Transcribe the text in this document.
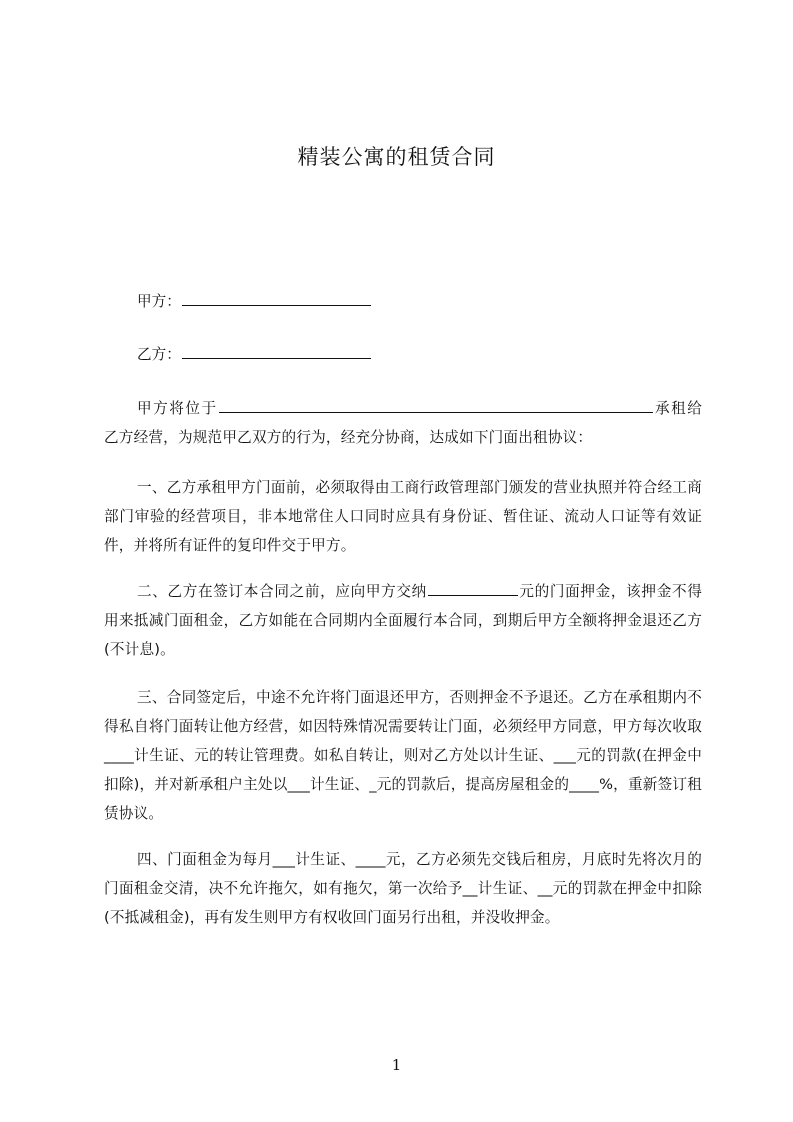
精装公寓的租赁合同

甲方：

乙方：

甲方将位于	承租给乙方经营，为规范甲乙双方的行为，经充分协商，达成如下门面出租协议：

一、乙方承租甲方门面前，必须取得由工商行政管理部门颁发的营业执照并符合经工商部门审验的经营项目，非本地常住人口同时应具有身份证、暂住证、流动人口证等有效证件，并将所有证件的复印件交于甲方。

二、乙方在签订本合同之前，应向甲方交纳	元的门面押金，该押金不得用来抵减门面租金，乙方如能在合同期内全面履行本合同，到期后甲方全额将押金退还乙方(不计息)。

三、合同签定后，中途不允许将门面退还甲方，否则押金不予退还。乙方在承租期内不得私自将门面转让他方经营，如因特殊情况需要转让门面，必须经甲方同意，甲方每次收取____计生证、元的转让管理费。如私自转让，则对乙方处以计生证、___元的罚款(在押金中扣除)，并对新承租户主处以___计生证、_元的罚款后，提高房屋租金的____%，重新签订租赁协议。

四、门面租金为每月___计生证、____元，乙方必须先交钱后租房，月底时先将次月的门面租金交清，决不允许拖欠，如有拖欠，第一次给予__计生证、__元的罚款在押金中扣除(不抵减租金)，再有发生则甲方有权收回门面另行出租，并没收押金。

1
